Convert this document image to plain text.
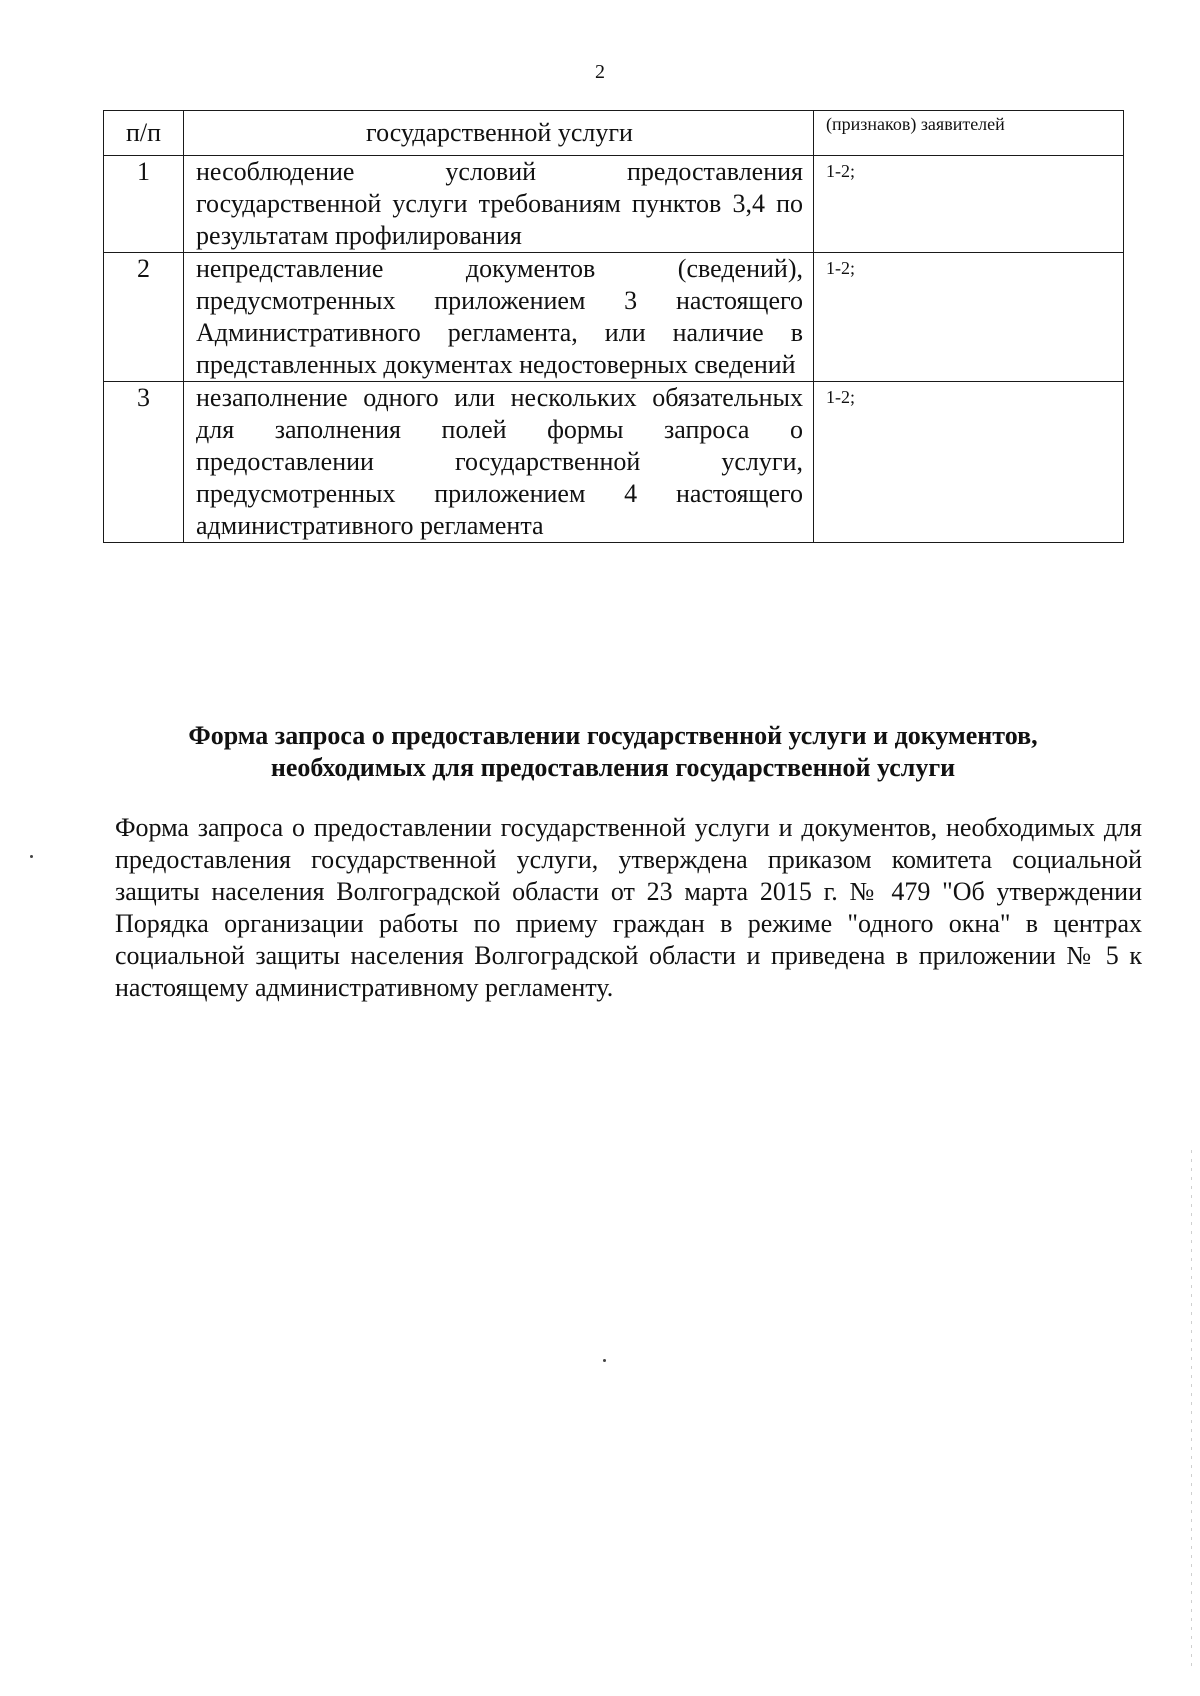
2
п/п	государственной услуги	(признаков) заявителей
1	несоблюдение условий предоставления государственной услуги требованиям пунктов 3,4 по результатам профилирования	1-2;
2	непредставление документов (сведений), предусмотренных приложением 3 настоящего Административного регламента, или наличие в представленных документах недостоверных сведений	1-2;
3	незаполнение одного или нескольких обязательных для заполнения полей формы запроса о предоставлении государственной услуги, предусмотренных приложением 4 настоящего административного регламента	1-2;
Форма запроса о предоставлении государственной услуги и документов,
необходимых для предоставления государственной услуги
Форма запроса о предоставлении государственной услуги и документов, необходимых для предоставления государственной услуги, утверждена приказом комитета социальной защиты населения Волгоградской области от 23 марта 2015 г. № 479 "Об утверждении Порядка организации работы по приему граждан в режиме "одного окна" в центрах социальной защиты населения Волгоградской области и приведена в приложении № 5 к настоящему административному регламенту.
